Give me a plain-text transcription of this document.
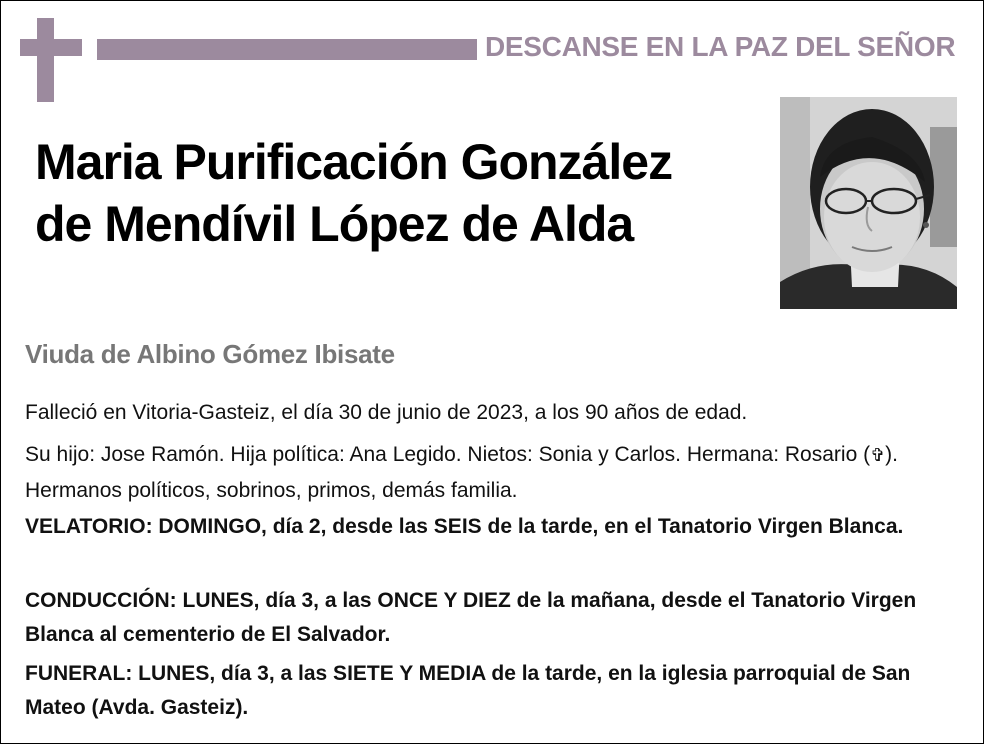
DESCANSE EN LA PAZ DEL SEÑOR
Maria Purificación González
de Mendívil López de Alda
Viuda de Albino Gómez Ibisate
Falleció en Vitoria-Gasteiz, el día 30 de junio de 2023, a los 90 años de edad.
Su hijo: Jose Ramón. Hija política: Ana Legido. Nietos: Sonia y Carlos. Hermana: Rosario (✞). Hermanos políticos, sobrinos, primos, demás familia.
VELATORIO: DOMINGO, día 2, desde las SEIS de la tarde, en el Tanatorio Virgen Blanca.
CONDUCCIÓN: LUNES, día 3, a las ONCE Y DIEZ de la mañana, desde el Tanatorio Virgen Blanca al cementerio de El Salvador.
FUNERAL: LUNES, día 3, a las SIETE Y MEDIA de la tarde, en la iglesia parroquial de San Mateo (Avda. Gasteiz).
